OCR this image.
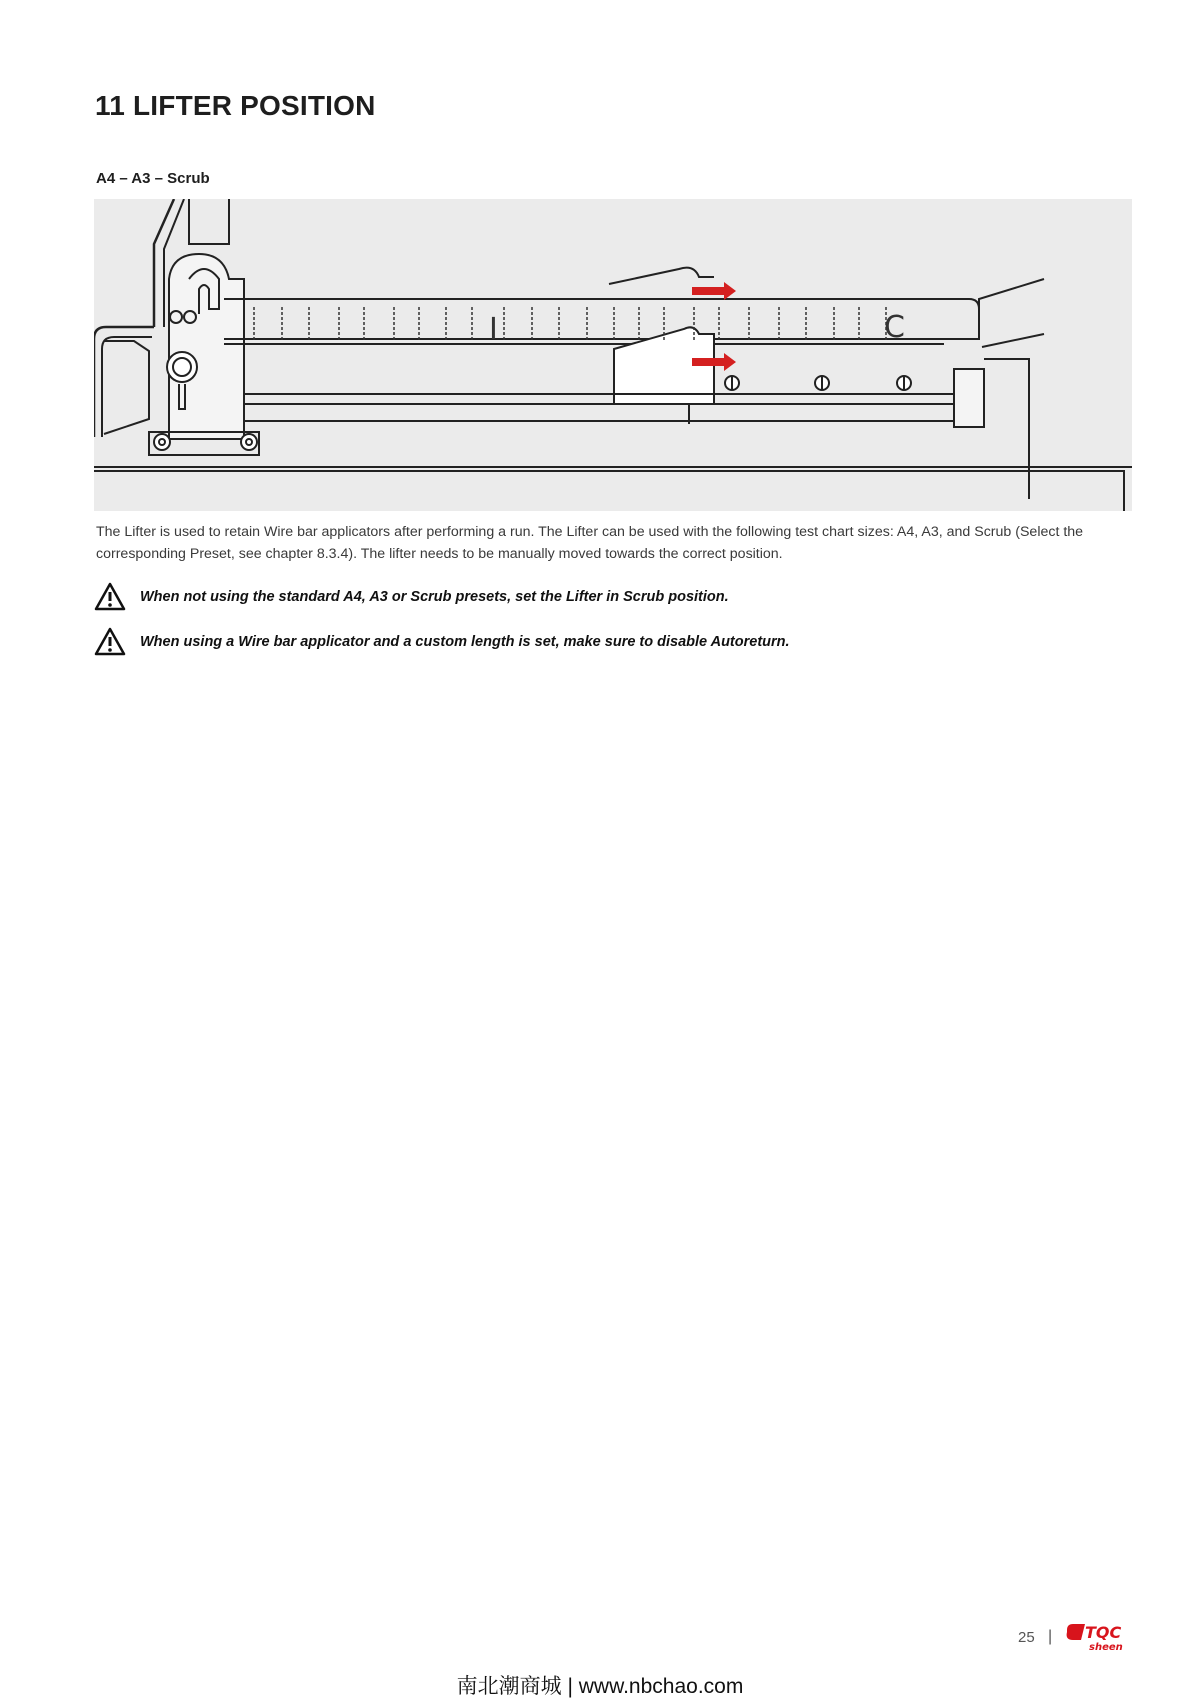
11 LIFTER POSITION
A4 – A3 – Scrub
I	C

The Lifter is used to retain Wire bar applicators after performing a run. The Lifter can be used with the following test chart sizes: A4, A3, and Scrub (Select the corresponding Preset, see chapter 8.3.4). The lifter needs to be manually moved towards the correct position.

When not using the standard A4, A3 or Scrub presets, set the Lifter in Scrub position.
When using a Wire bar applicator and a custom length is set, make sure to disable Autoreturn.
25 | TQC
sheen
南北潮商城 | www.nbchao.com
